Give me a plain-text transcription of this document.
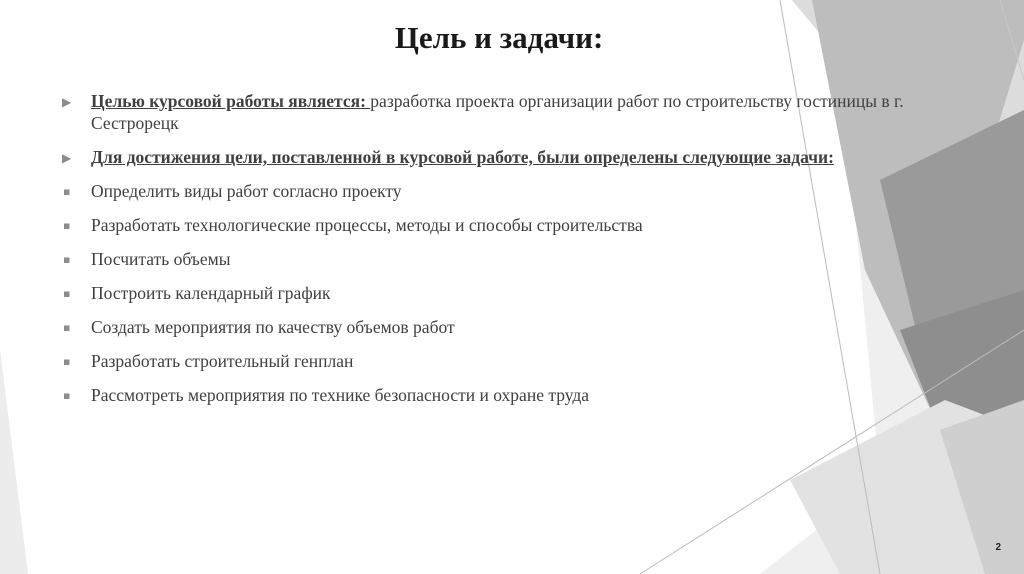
Цель и задачи:
▶	Целью курсовой работы является: разработка проекта организации работ по строительству гостиницы в г. Сестрорецк
▶	Для достижения цели, поставленной в курсовой работе, были определены следующие задачи:
▪	Определить виды работ согласно проекту
▪	Разработать технологические процессы, методы и способы строительства
▪	Посчитать объемы
▪	Построить календарный график
▪	Создать мероприятия по качеству объемов работ
▪	Разработать строительный генплан
▪	Рассмотреть мероприятия по технике безопасности и охране труда
2
